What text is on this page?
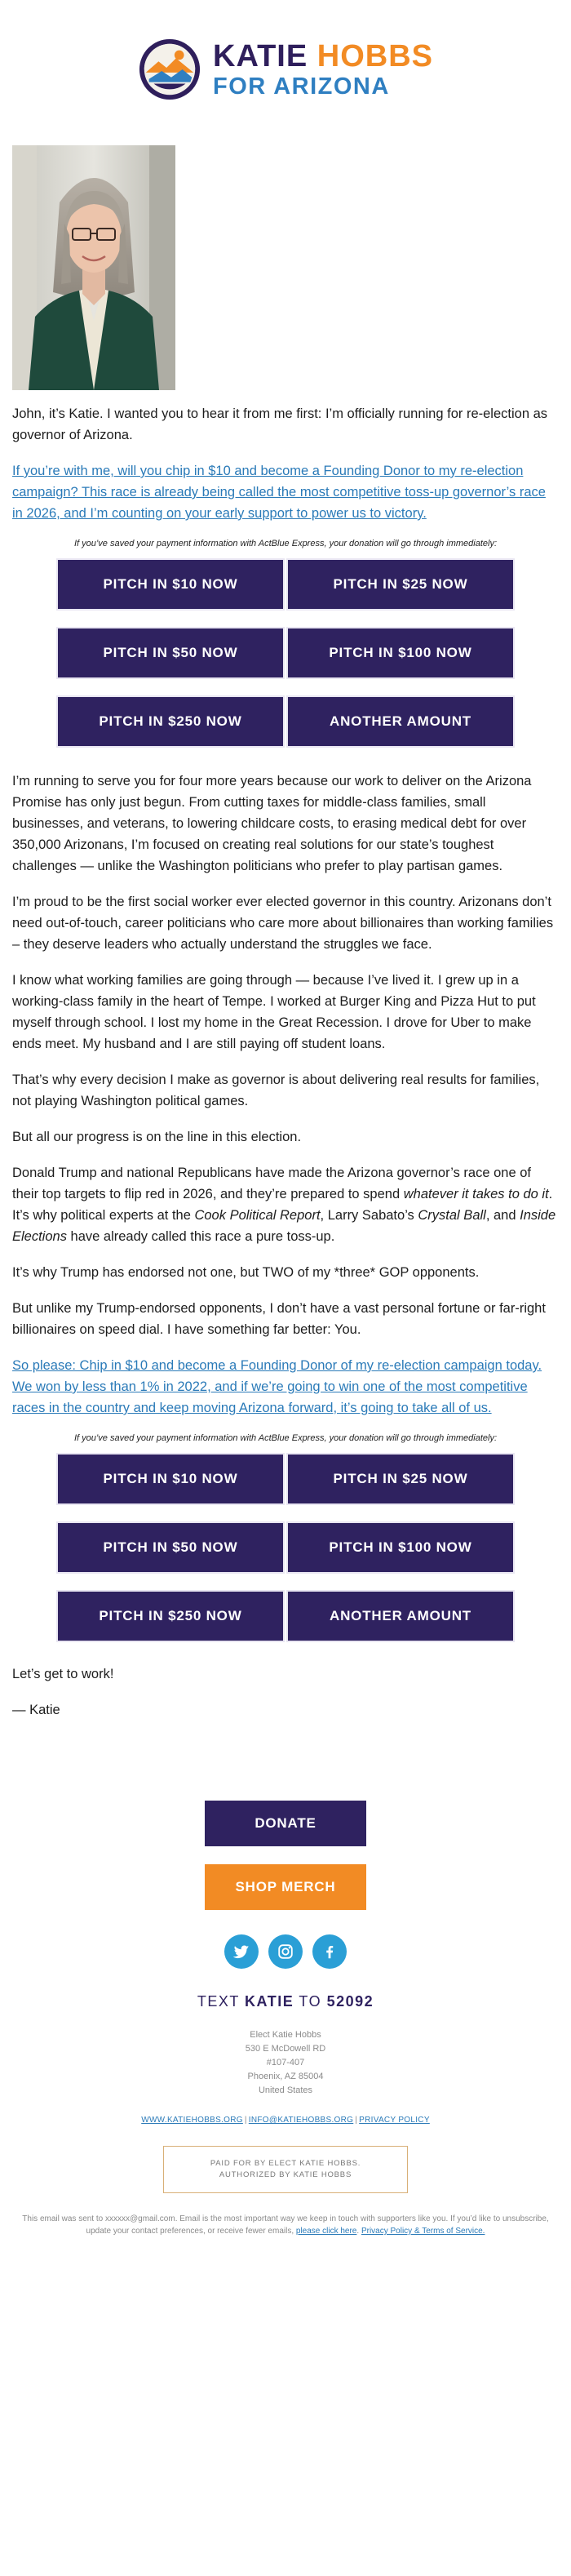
KATIE HOBBS
FOR ARIZONA

John, it’s Katie. I wanted you to hear it from me first: I’m officially running for re-election as governor of Arizona.

If you’re with me, will you chip in $10 and become a Founding Donor to my re-election campaign? This race is already being called the most competitive toss-up governor’s race in 2026, and I’m counting on your early support to power us to victory.
If you’ve saved your payment information with ActBlue Express, your donation will go through immediately:
PITCH IN $10 NOW	PITCH IN $25 NOW
PITCH IN $50 NOW	PITCH IN $100 NOW
PITCH IN $250 NOW	ANOTHER AMOUNT

I’m running to serve you for four more years because our work to deliver on the Arizona Promise has only just begun. From cutting taxes for middle-class families, small businesses, and veterans, to lowering childcare costs, to erasing medical debt for over 350,000 Arizonans, I’m focused on creating real solutions for our state’s toughest challenges — unlike the Washington politicians who prefer to play partisan games.

I’m proud to be the first social worker ever elected governor in this country. Arizonans don’t need out-of-touch, career politicians who care more about billionaires than working families – they deserve leaders who actually understand the struggles we face.

I know what working families are going through — because I’ve lived it. I grew up in a working-class family in the heart of Tempe. I worked at Burger King and Pizza Hut to put myself through school. I lost my home in the Great Recession. I drove for Uber to make ends meet. My husband and I are still paying off student loans.

That’s why every decision I make as governor is about delivering real results for families, not playing Washington political games.

But all our progress is on the line in this election.

Donald Trump and national Republicans have made the Arizona governor’s race one of their top targets to flip red in 2026, and they’re prepared to spend whatever it takes to do it. It’s why political experts at the Cook Political Report, Larry Sabato’s Crystal Ball, and Inside Elections have already called this race a pure toss-up.

It’s why Trump has endorsed not one, but TWO of my *three* GOP opponents.

But unlike my Trump-endorsed opponents, I don’t have a vast personal fortune or far-right billionaires on speed dial. I have something far better: You.

So please: Chip in $10 and become a Founding Donor of my re-election campaign today. We won by less than 1% in 2022, and if we’re going to win one of the most competitive races in the country and keep moving Arizona forward, it’s going to take all of us.
If you’ve saved your payment information with ActBlue Express, your donation will go through immediately:
PITCH IN $10 NOW	PITCH IN $25 NOW
PITCH IN $50 NOW	PITCH IN $100 NOW
PITCH IN $250 NOW	ANOTHER AMOUNT

Let’s get to work!

— Katie

DONATE
SHOP MERCH
TEXT KATIE TO 52092
Elect Katie Hobbs
530 E McDowell RD
#107-407
Phoenix, AZ 85004
United States
WWW.KATIEHOBBS.ORG | INFO@KATIEHOBBS.ORG | PRIVACY POLICY
PAID FOR BY ELECT KATIE HOBBS.
AUTHORIZED BY KATIE HOBBS
This email was sent to xxxxxx@gmail.com. Email is the most important way we keep in touch with supporters like you. If you’d like to unsubscribe, update your contact preferences, or receive fewer emails, please click here. Privacy Policy & Terms of Service.
